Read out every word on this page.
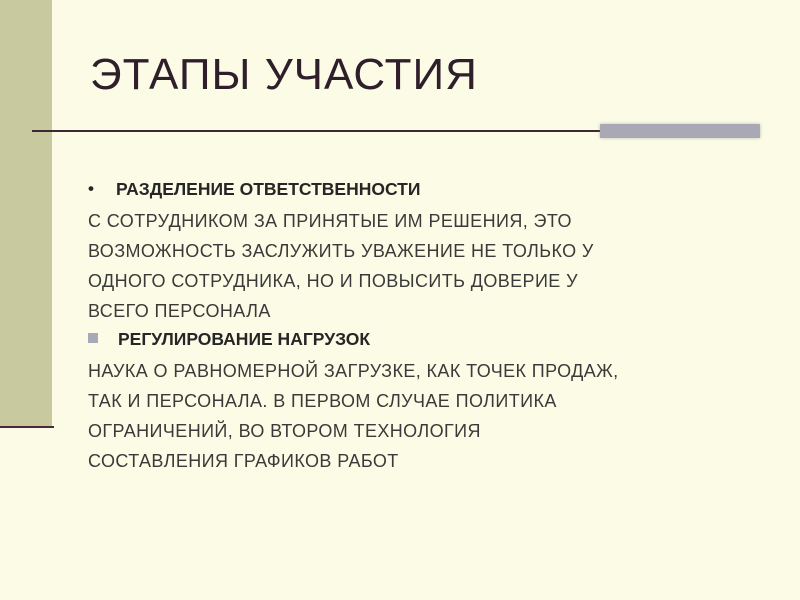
ЭТАПЫ УЧАСТИЯ
• РАЗДЕЛЕНИЕ ОТВЕТСТВЕННОСТИ
С СОТРУДНИКОМ ЗА ПРИНЯТЫЕ ИМ РЕШЕНИЯ, ЭТО
ВОЗМОЖНОСТЬ ЗАСЛУЖИТЬ УВАЖЕНИЕ НЕ ТОЛЬКО У
ОДНОГО СОТРУДНИКА, НО И ПОВЫСИТЬ ДОВЕРИЕ У
ВСЕГО ПЕРСОНАЛА
РЕГУЛИРОВАНИЕ НАГРУЗОК
НАУКА О РАВНОМЕРНОЙ ЗАГРУЗКЕ, КАК ТОЧЕК ПРОДАЖ,
ТАК И ПЕРСОНАЛА. В ПЕРВОМ СЛУЧАЕ ПОЛИТИКА
ОГРАНИЧЕНИЙ, ВО ВТОРОМ ТЕХНОЛОГИЯ
СОСТАВЛЕНИЯ ГРАФИКОВ РАБОТ
